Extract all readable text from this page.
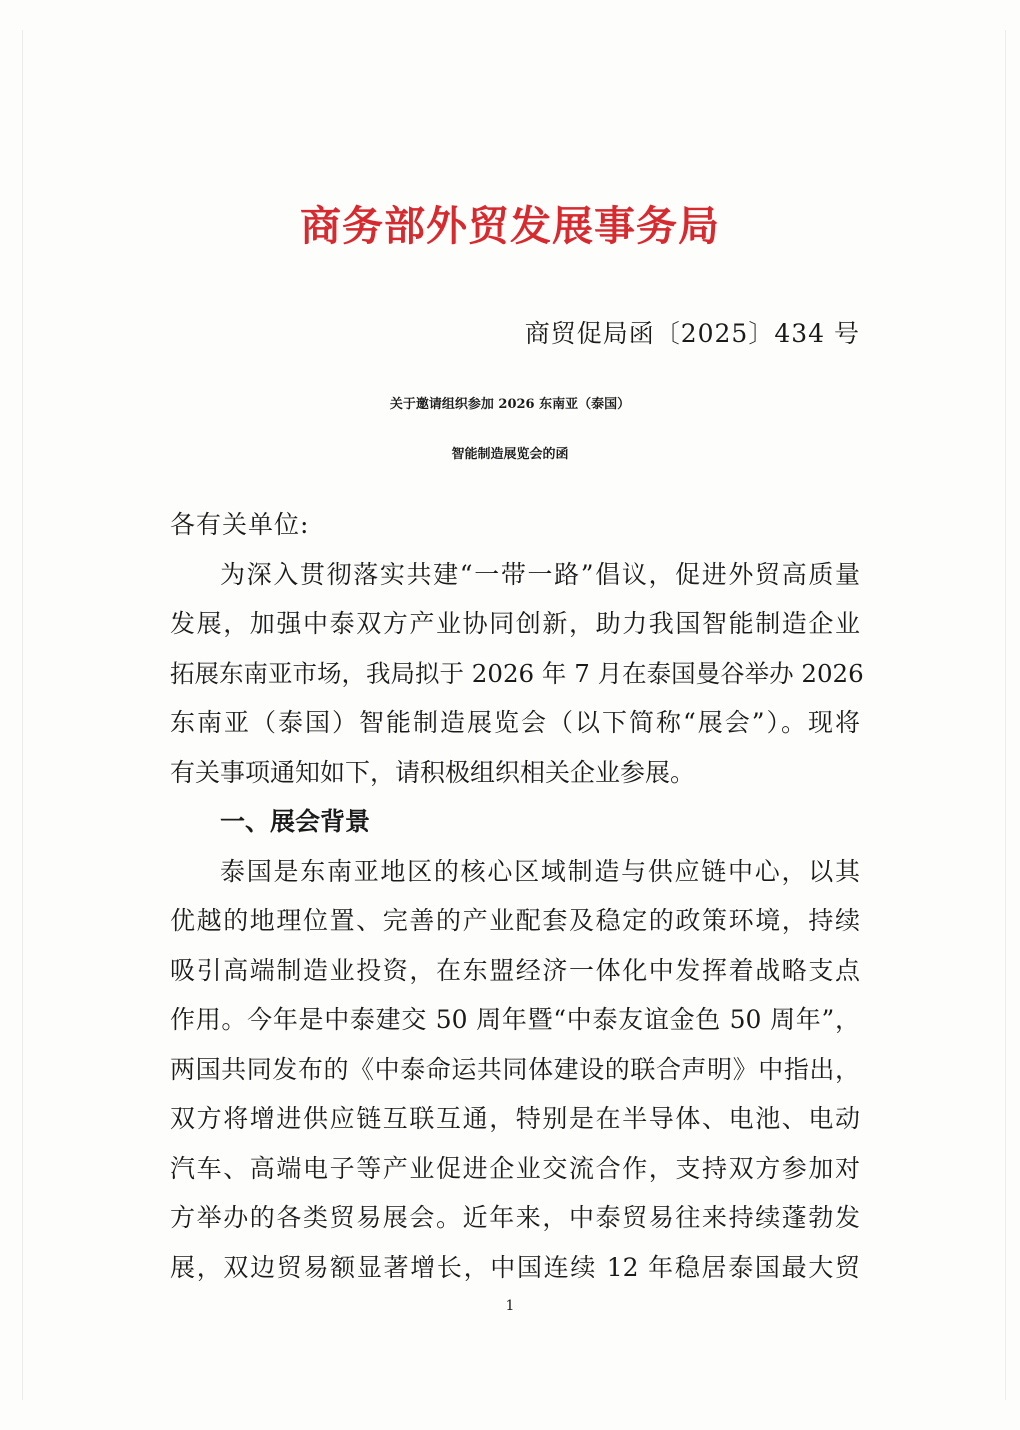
商务部外贸发展事务局
商贸促局函〔2025〕434 号
关于邀请组织参加 2026 东南亚（泰国）
智能制造展览会的函
各有关单位:
为深入贯彻落实共建“一带一路”倡议，促进外贸高质量
发展，加强中泰双方产业协同创新，助力我国智能制造企业
拓展东南亚市场，我局拟于 2026 年 7 月在泰国曼谷举办 2026
东南亚（泰国）智能制造展览会（以下简称“展会”）。现将
有关事项通知如下，请积极组织相关企业参展。
一、展会背景
泰国是东南亚地区的核心区域制造与供应链中心，以其
优越的地理位置、完善的产业配套及稳定的政策环境，持续
吸引高端制造业投资，在东盟经济一体化中发挥着战略支点
作用。今年是中泰建交 50 周年暨“中泰友谊金色 50 周年”，
两国共同发布的《中泰命运共同体建设的联合声明》中指出，
双方将增进供应链互联互通，特别是在半导体、电池、电动
汽车、高端电子等产业促进企业交流合作，支持双方参加对
方举办的各类贸易展会。近年来，中泰贸易往来持续蓬勃发
展，双边贸易额显著增长，中国连续 12 年稳居泰国最大贸
1
